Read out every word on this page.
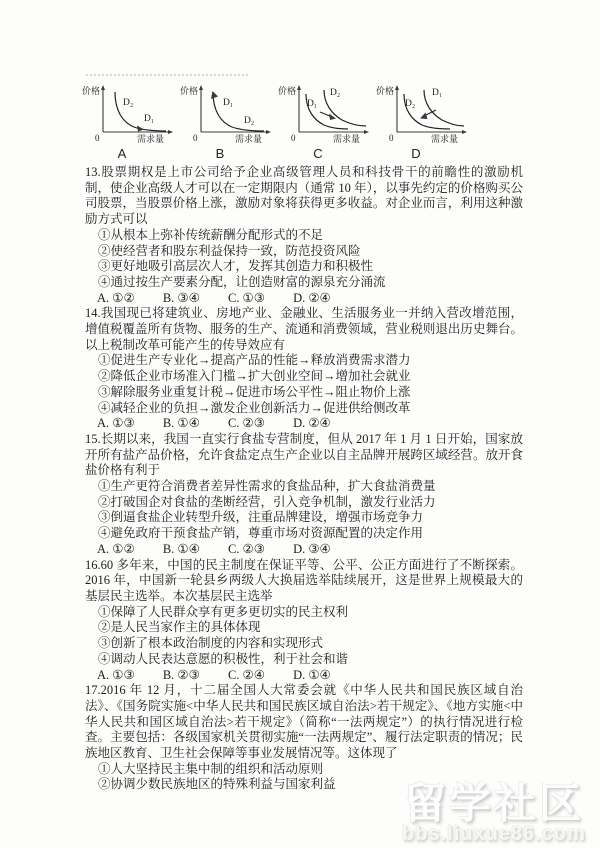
价格
D₂
D₁
0	需求量
A
价格
D₁
D₂
0	需求量
B
价格
D₁
D₂
0	需求量
C
价格
D₂
D₁
0	需求量
D

13.股票期权是上市公司给予企业高级管理人员和科技骨干的前瞻性的激励机制，使企业高级人才可以在一定期限内（通常 10 年），以事先约定的价格购买公司股票，当股票价格上涨，激励对象将获得更多收益。对企业而言，利用这种激励方式可以

①从根本上弥补传统薪酬分配形式的不足
②使经营者和股东利益保持一致，防范投资风险
③更好地吸引高层次人才，发挥其创造力和积极性
④通过按生产要素分配，让创造财富的源泉充分涌流
A. ①② B. ③④ C. ①③ D. ②④

14.我国现已将建筑业、房地产业、金融业、生活服务业一并纳入营改增范围，增值税覆盖所有货物、服务的生产、流通和消费领域，营业税则退出历史舞台。以上税制改革可能产生的传导效应有

①促进生产专业化→提高产品的性能→释放消费需求潜力
②降低企业市场准入门槛→扩大创业空间→增加社会就业
③解除服务业重复计税→促进市场公平性→阻止物价上涨
④减轻企业的负担→激发企业创新活力→促进供给侧改革
A. ①③ B. ①④ C. ②③ D. ②④

15.长期以来，我国一直实行食盐专营制度，但从 2017 年 1 月 1 日开始，国家放开所有盐产品价格，允许食盐定点生产企业以自主品牌开展跨区域经营。放开食盐价格有利于

①生产更符合消费者差异性需求的食盐品种，扩大食盐消费量
②打破国企对食盐的垄断经营，引入竞争机制，激发行业活力
③倒逼食盐企业转型升级，注重品牌建设，增强市场竞争力
④避免政府干预食盐产销，尊重市场对资源配置的决定作用
A. ①② B. ①④ C. ②③ D. ③④

16.60 多年来，中国的民主制度在保证平等、公平、公正方面进行了不断探索。2016 年，中国新一轮县乡两级人大换届选举陆续展开，这是世界上规模最大的基层民主选举。本次基层民主选举

①保障了人民群众享有更多更切实的民主权利
②是人民当家作主的具体体现
③创新了根本政治制度的内容和实现形式
④调动人民表达意愿的积极性，利于社会和谐
A. ①③ B. ②③ C. ②④ D. ①④

17.2016 年 12 月，十二届全国人大常委会就《中华人民共和国民族区域自治法》、《国务院实施<中华人民共和国民族区域自治法>若干规定》、《地方实施<中华人民共和国区域自治法>若干规定》（简称“一法两规定”）的执行情况进行检查。主要包括：各级国家机关贯彻实施“一法两规定”、履行法定职责的情况；民族地区教育、卫生社会保障等事业发展情况等。这体现了

①人大坚持民主集中制的组织和活动原则
②协调少数民族地区的特殊利益与国家利益	留学社区
bbs.liuxue86.com
